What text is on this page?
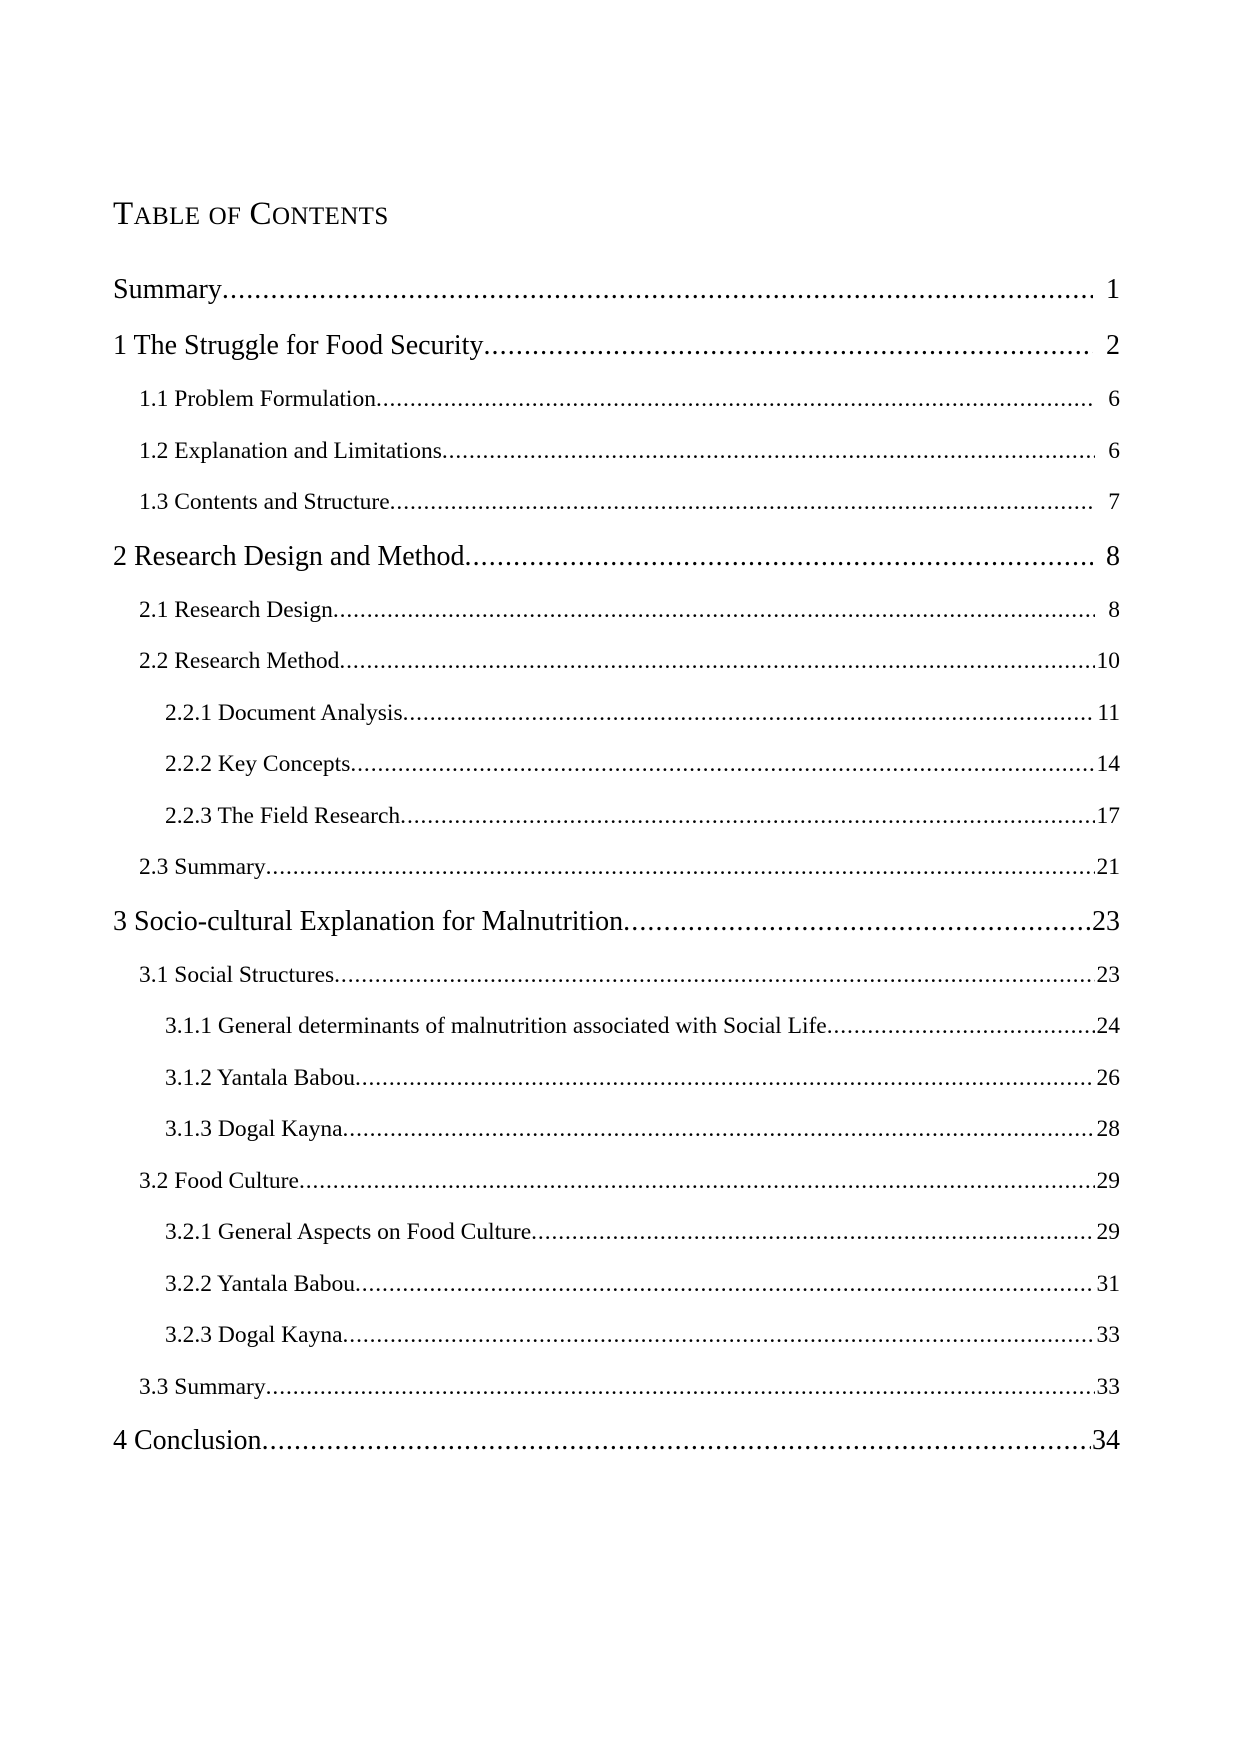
TABLE OF CONTENTS
Summary .....	1
1 The Struggle for Food Security .....	2
1.1 Problem Formulation .....	6
1.2 Explanation and Limitations .....	6
1.3 Contents and Structure .....	7
2 Research Design and Method .....	8
2.1 Research Design .....	8
2.2 Research Method .....	10
2.2.1 Document Analysis .....	11
2.2.2 Key Concepts .....	14
2.2.3 The Field Research .....	17
2.3 Summary .....	21
3 Socio-cultural Explanation for Malnutrition .....	23
3.1 Social Structures .....	23
3.1.1 General determinants of malnutrition associated with Social Life .....	24
3.1.2 Yantala Babou .....	26
3.1.3 Dogal Kayna .....	28
3.2 Food Culture .....	29
3.2.1 General Aspects on Food Culture .....	29
3.2.2 Yantala Babou .....	31
3.2.3 Dogal Kayna .....	33
3.3 Summary .....	33
4 Conclusion .....	34
